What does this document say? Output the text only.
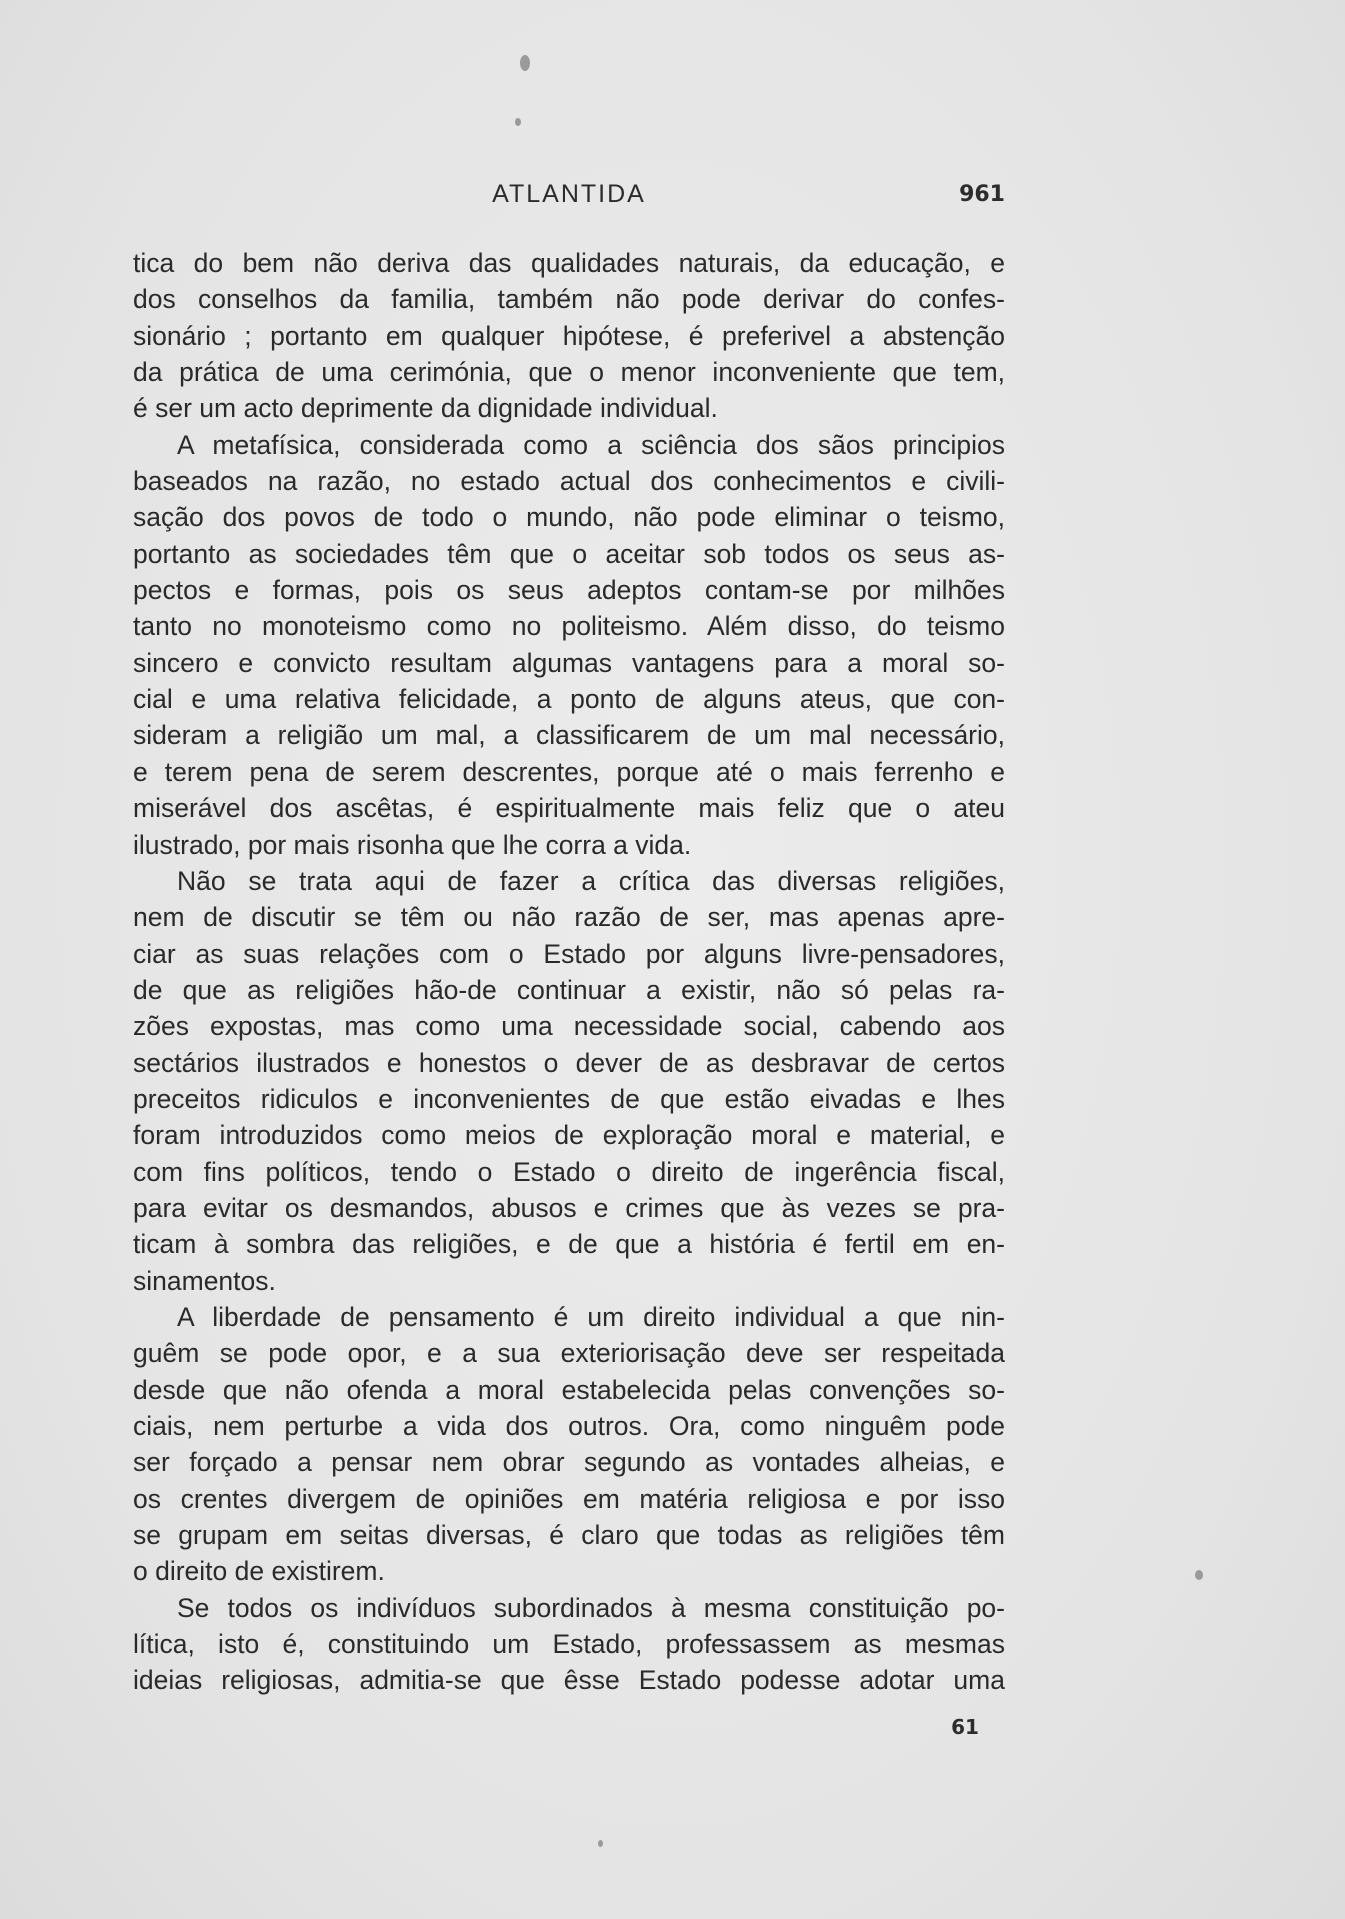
ATLANTIDA	961
tica do bem não deriva das qualidades naturais, da educação, e
dos conselhos da familia, também não pode derivar do confes-
sionário ; portanto em qualquer hipótese, é preferivel a abstenção
da prática de uma cerimónia, que o menor inconveniente que tem,
é ser um acto deprimente da dignidade individual.
A metafísica, considerada como a sciência dos sãos principios
baseados na razão, no estado actual dos conhecimentos e civili-
sação dos povos de todo o mundo, não pode eliminar o teismo,
portanto as sociedades têm que o aceitar sob todos os seus as-
pectos e formas, pois os seus adeptos contam-se por milhões
tanto no monoteismo como no politeismo. Além disso, do teismo
sincero e convicto resultam algumas vantagens para a moral so-
cial e uma relativa felicidade, a ponto de alguns ateus, que con-
sideram a religião um mal, a classificarem de um mal necessário,
e terem pena de serem descrentes, porque até o mais ferrenho e
miserável dos ascêtas, é espiritualmente mais feliz que o ateu
ilustrado, por mais risonha que lhe corra a vida.
Não se trata aqui de fazer a crítica das diversas religiões,
nem de discutir se têm ou não razão de ser, mas apenas apre-
ciar as suas relações com o Estado por alguns livre-pensadores,
de que as religiões hão-de continuar a existir, não só pelas ra-
zões expostas, mas como uma necessidade social, cabendo aos
sectários ilustrados e honestos o dever de as desbravar de certos
preceitos ridiculos e inconvenientes de que estão eivadas e lhes
foram introduzidos como meios de exploração moral e material, e
com fins políticos, tendo o Estado o direito de ingerência fiscal,
para evitar os desmandos, abusos e crimes que às vezes se pra-
ticam à sombra das religiões, e de que a história é fertil em en-
sinamentos.
A liberdade de pensamento é um direito individual a que nin-
guêm se pode opor, e a sua exteriorisação deve ser respeitada
desde que não ofenda a moral estabelecida pelas convenções so-
ciais, nem perturbe a vida dos outros. Ora, como ninguêm pode
ser forçado a pensar nem obrar segundo as vontades alheias, e
os crentes divergem de opiniões em matéria religiosa e por isso
se grupam em seitas diversas, é claro que todas as religiões têm
o direito de existirem.
Se todos os indivíduos subordinados à mesma constituição po-
lítica, isto é, constituindo um Estado, professassem as mesmas
ideias religiosas, admitia-se que êsse Estado podesse adotar uma
61
